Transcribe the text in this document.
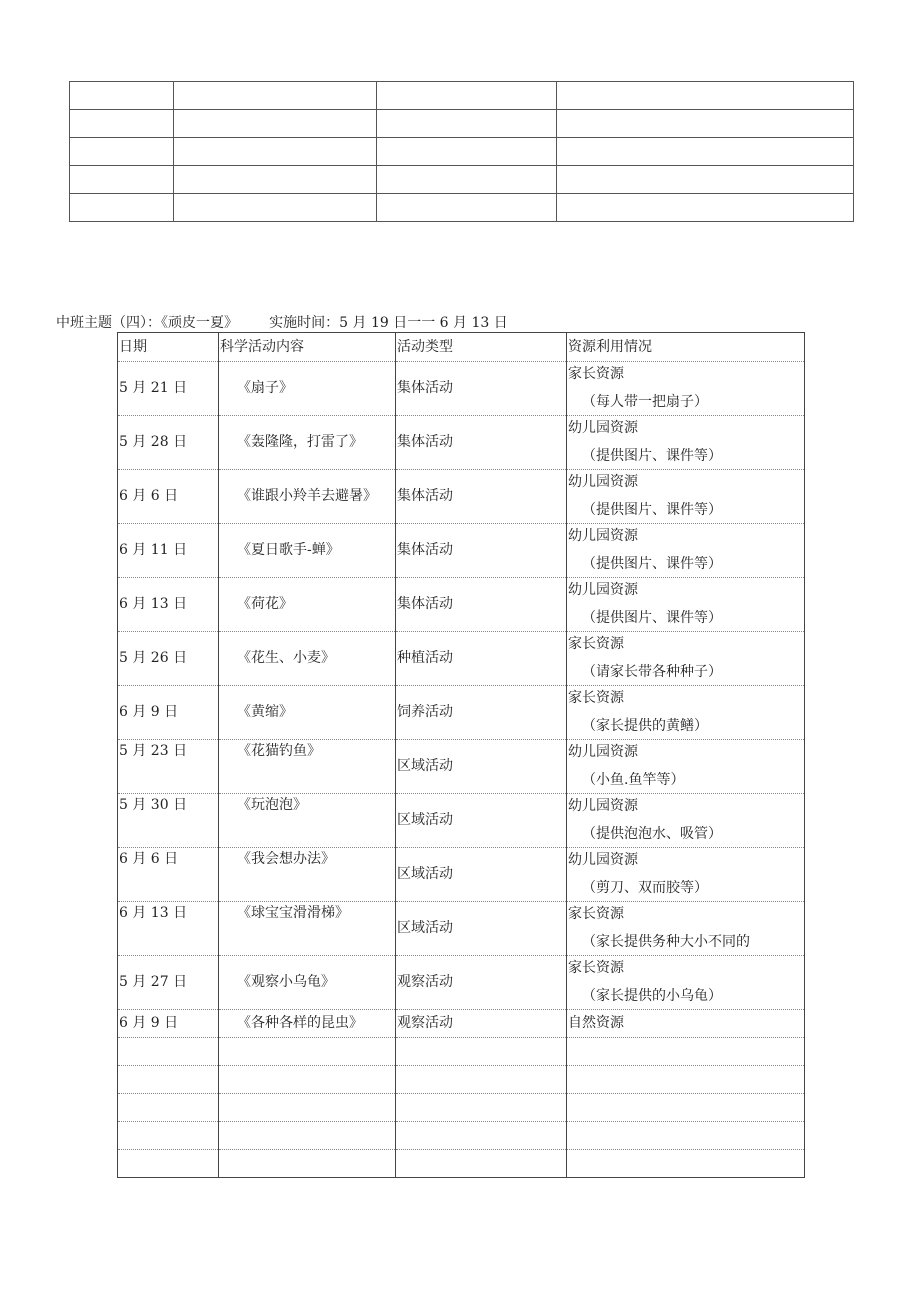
中班主题（四）：《顽皮一夏》 实施时间：5 月 19 日一一 6 月 13 日
日期	科学活动内容	活动类型	资源利用情况
5 月 21 日	《扇子》	集体活动	家长资源
（每人带一把扇子）

5 月 28 日	《轰隆隆，打雷了》	集体活动	幼儿园资源
（提供图片、课件等）

6 月 6 日	《谁跟小羚羊去避暑》	集体活动	幼儿园资源
（提供图片、课件等）

6 月 11 日	《夏日歌手-蝉》	集体活动	幼儿园资源
（提供图片、课件等）

6 月 13 日	《荷花》	集体活动	幼儿园资源
（提供图片、课件等）

5 月 26 日	《花生、小麦》	种植活动	家长资源
（请家长带各种种子）

6 月 9 日	《黄缩》	饲养活动	家长资源
（家长提供的黄鳝）

5 月 23 日	《花猫钓鱼》	区域活动	幼儿园资源
（小鱼.鱼竿等）

5 月 30 日	《玩泡泡》	区域活动	幼儿园资源
（提供泡泡水、吸管）

6 月 6 日	《我会想办法》	区域活动	幼儿园资源
（剪刀、双而胶等）

6 月 13 日	《球宝宝滑滑梯》	区域活动	家长资源
（家长提供务种大小不同的

5 月 27 日	《观察小乌龟》	观察活动	家长资源
（家长提供的小乌龟）

6 月 9 日	《各种各样的昆虫》	观察活动	自然资源
